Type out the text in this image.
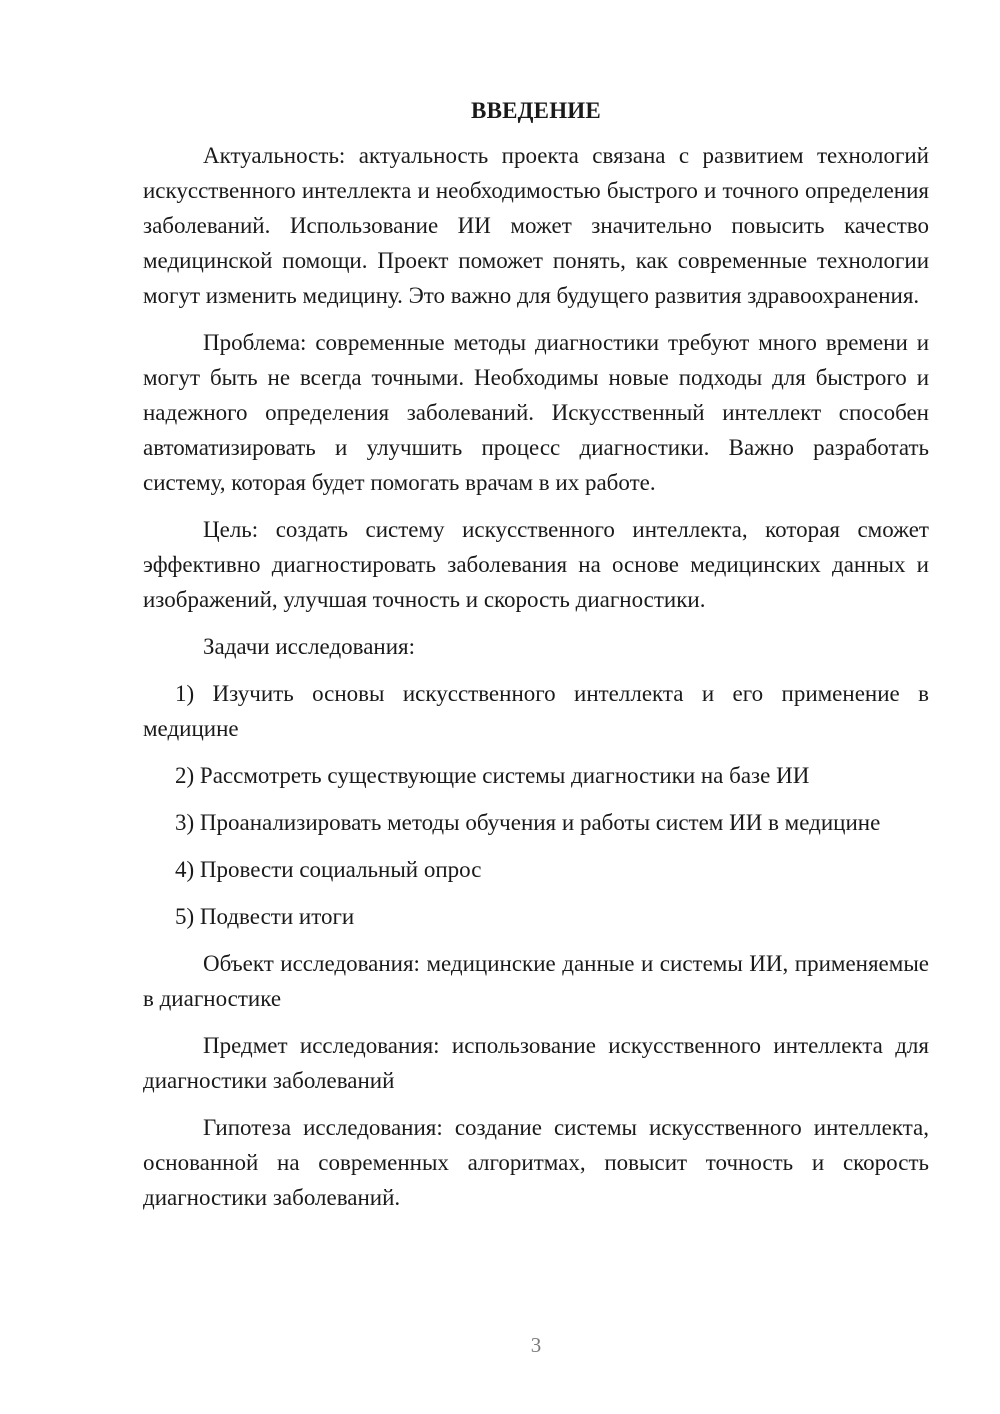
ВВЕДЕНИЕ

Актуальность: актуальность проекта связана с развитием технологий искусственного интеллекта и необходимостью быстрого и точного определения заболеваний. Использование ИИ может значительно повысить качество медицинской помощи. Проект поможет понять, как современные технологии могут изменить медицину. Это важно для будущего развития здравоохранения.

Проблема: современные методы диагностики требуют много времени и могут быть не всегда точными. Необходимы новые подходы для быстрого и надежного определения заболеваний. Искусственный интеллект способен автоматизировать и улучшить процесс диагностики. Важно разработать систему, которая будет помогать врачам в их работе.

Цель: создать систему искусственного интеллекта, которая сможет эффективно диагностировать заболевания на основе медицинских данных и изображений, улучшая точность и скорость диагностики.

Задачи исследования:

1) Изучить основы искусственного интеллекта и его применение в медицине

2) Рассмотреть существующие системы диагностики на базе ИИ

3) Проанализировать методы обучения и работы систем ИИ в медицине

4) Провести социальный опрос

5) Подвести итоги

Объект исследования: медицинские данные и системы ИИ, применяемые в диагностике

Предмет исследования: использование искусственного интеллекта для диагностики заболеваний

Гипотеза исследования: создание системы искусственного интеллекта, основанной на современных алгоритмах, повысит точность и скорость диагностики заболеваний.

3
